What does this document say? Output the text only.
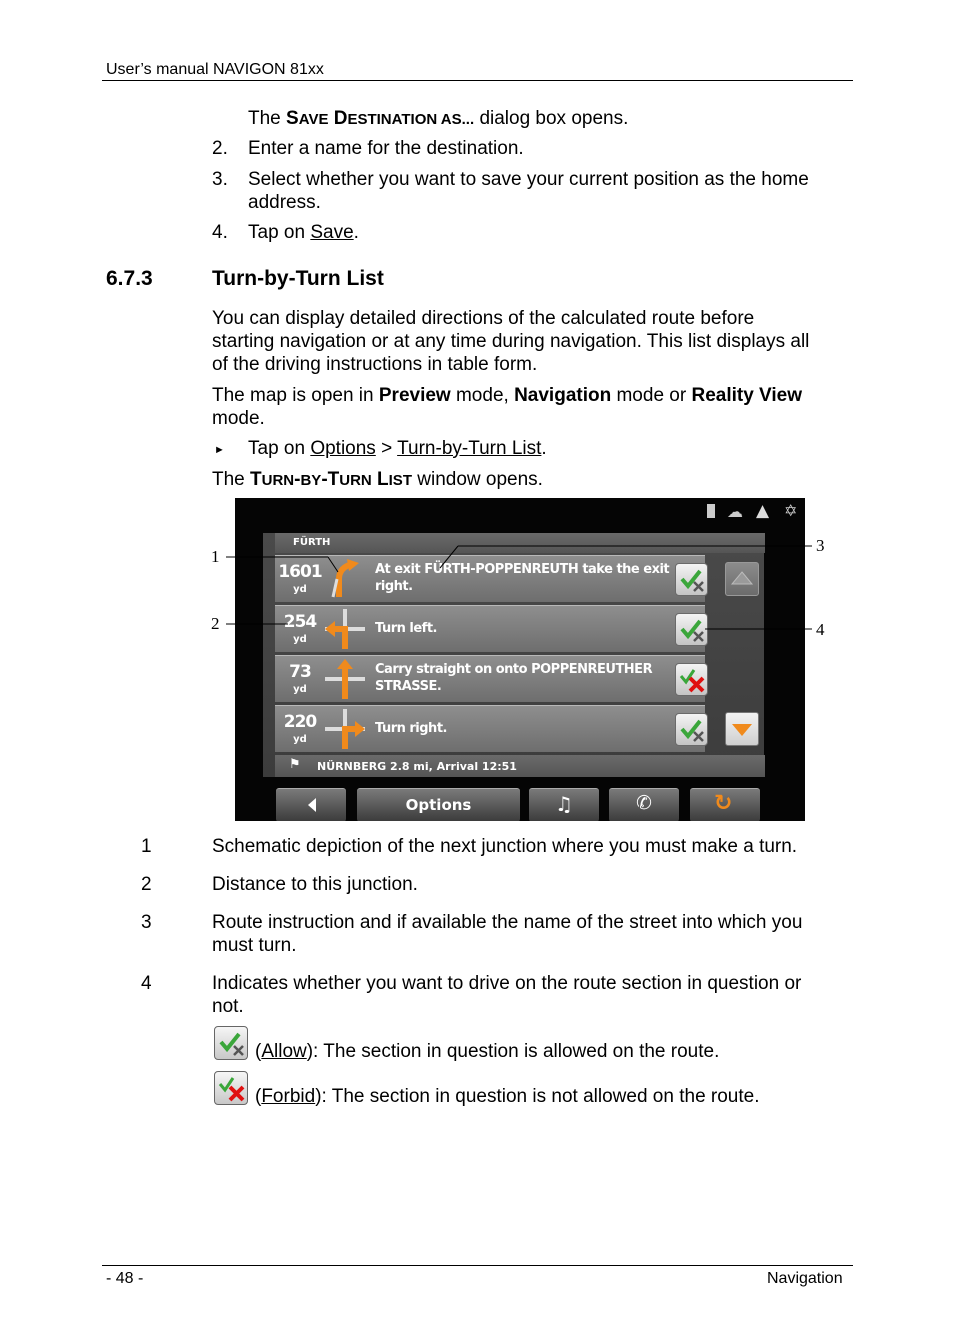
User’s manual NAVIGON 81xx
The SAVE DESTINATION AS... dialog box opens.
2. Enter a name for the destination.
3. Select whether you want to save your current position as the home
address.
4. Tap on Save.
6.7.3	Turn-by-Turn List
You can display detailed directions of the calculated route before
starting navigation or at any time during navigation. This list displays all
of the driving instructions in table form.
The map is open in Preview mode, Navigation mode or Reality View
mode.
► Tap on Options > Turn-by-Turn List.
The TURN-BY-TURN LIST window opens.
☁ ▲ ✡
FÜRTH
1601
yd
At exit FÜRTH-POPPENREUTH take the exit
right.
254
yd
Turn left.
73
yd
Carry straight on onto POPPENREUTHER
STRASSE.
220
yd
Turn right.
⚑ NÜRNBERG 2.8 mi, Arrival 12:51
Options	♫	✆	↻
1
2
3
4
1	Schematic depiction of the next junction where you must make a turn.
2	Distance to this junction.
3	Route instruction and if available the name of the street into which you
must turn.
4	Indicates whether you want to drive on the route section in question or
not.
(Allow): The section in question is allowed on the route.
(Forbid): The section in question is not allowed on the route.
- 48 -	Navigation
